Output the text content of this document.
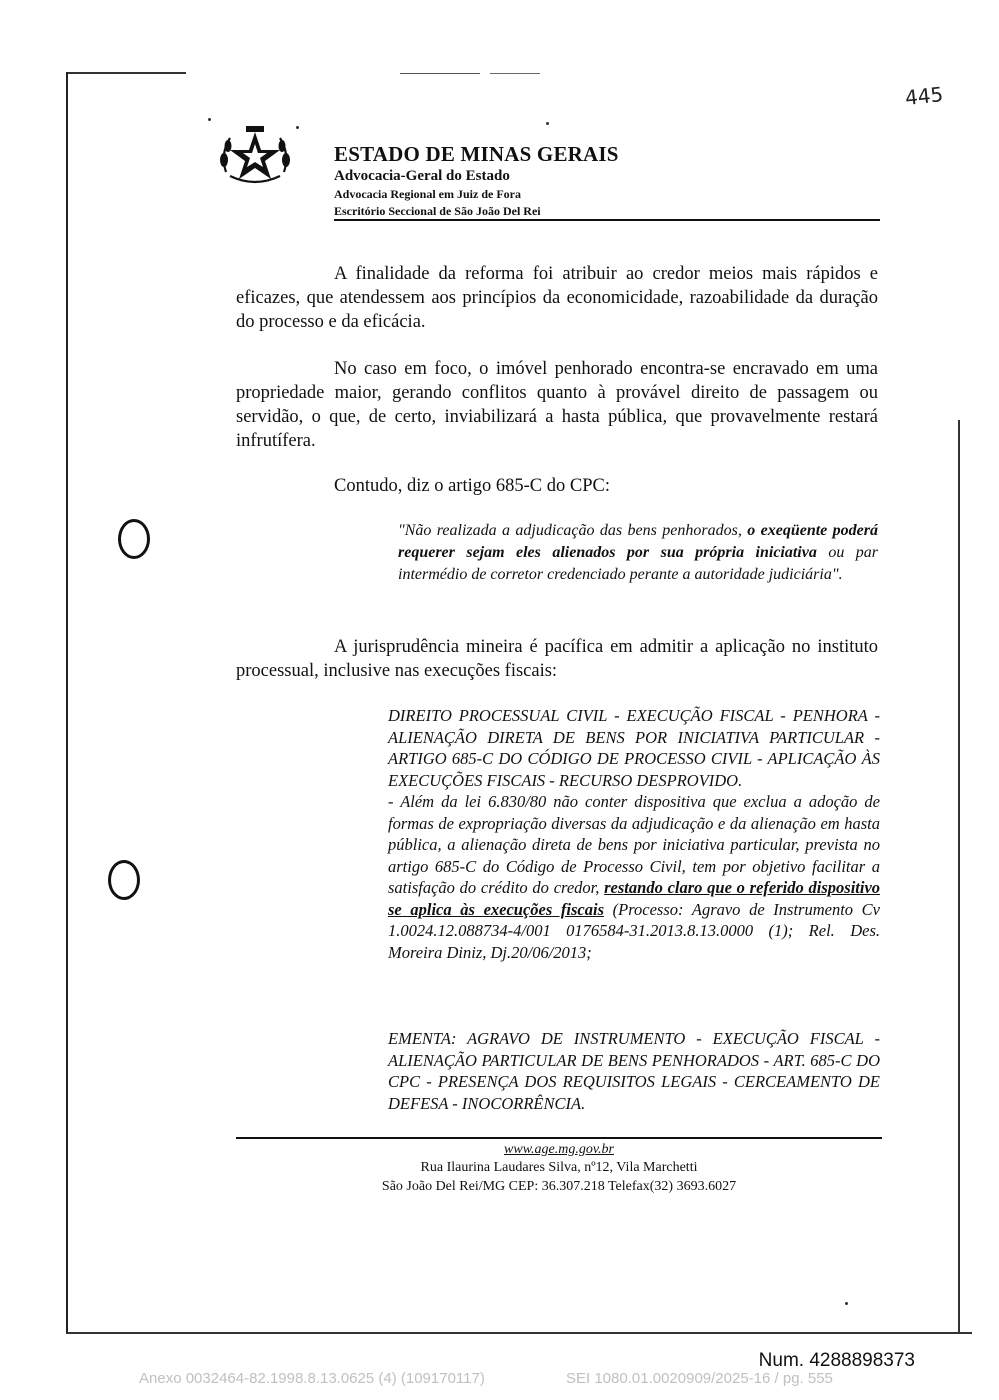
ESTADO DE MINAS GERAIS
Advocacia-Geral do Estado
Advocacia Regional em Juiz de Fora
Escritório Seccional de São João Del Rei
445
A finalidade da reforma foi atribuir ao credor meios mais rápidos e eficazes, que atendessem aos princípios da economicidade, razoabilidade da duração do processo e da eficácia.
No caso em foco, o imóvel penhorado encontra-se encravado em uma propriedade maior, gerando conflitos quanto à provável direito de passagem ou servidão, o que, de certo, inviabilizará a hasta pública, que provavelmente restará infrutífera.
Contudo, diz o artigo 685-C do CPC:
"Não realizada a adjudicação das bens penhorados, o exeqüente poderá requerer sejam eles alienados por sua própria iniciativa ou par intermédio de corretor credenciado perante a autoridade judiciária".
A jurisprudência mineira é pacífica em admitir a aplicação no instituto processual, inclusive nas execuções fiscais:
DIREITO PROCESSUAL CIVIL - EXECUÇÃO FISCAL - PENHORA - ALIENAÇÃO DIRETA DE BENS POR INICIATIVA PARTICULAR - ARTIGO 685-C DO CÓDIGO DE PROCESSO CIVIL - APLICAÇÃO ÀS EXECUÇÕES FISCAIS - RECURSO DESPROVIDO.
- Além da lei 6.830/80 não conter dispositiva que exclua a adoção de formas de expropriação diversas da adjudicação e da alienação em hasta pública, a alienação direta de bens por iniciativa particular, prevista no artigo 685-C do Código de Processo Civil, tem por objetivo facilitar a satisfação do crédito do credor, restando claro que o referido dispositivo se aplica às execuções fiscais (Processo: Agravo de Instrumento Cv 1.0024.12.088734-4/001 0176584-31.2013.8.13.0000 (1); Rel. Des. Moreira Diniz, Dj.20/06/2013;
EMENTA: AGRAVO DE INSTRUMENTO - EXECUÇÃO FISCAL - ALIENAÇÃO PARTICULAR DE BENS PENHORADOS - ART. 685-C DO CPC - PRESENÇA DOS REQUISITOS LEGAIS - CERCEAMENTO DE DEFESA - INOCORRÊNCIA.
www.age.mg.gov.br
Rua Ilaurina Laudares Silva, nº12, Vila Marchetti
São João Del Rei/MG CEP: 36.307.218 Telefax(32) 3693.6027
Num. 4288898373
Anexo 0032464-82.1998.8.13.0625 (4) (109170117)	SEI 1080.01.0020909/2025-16 / pg. 555
